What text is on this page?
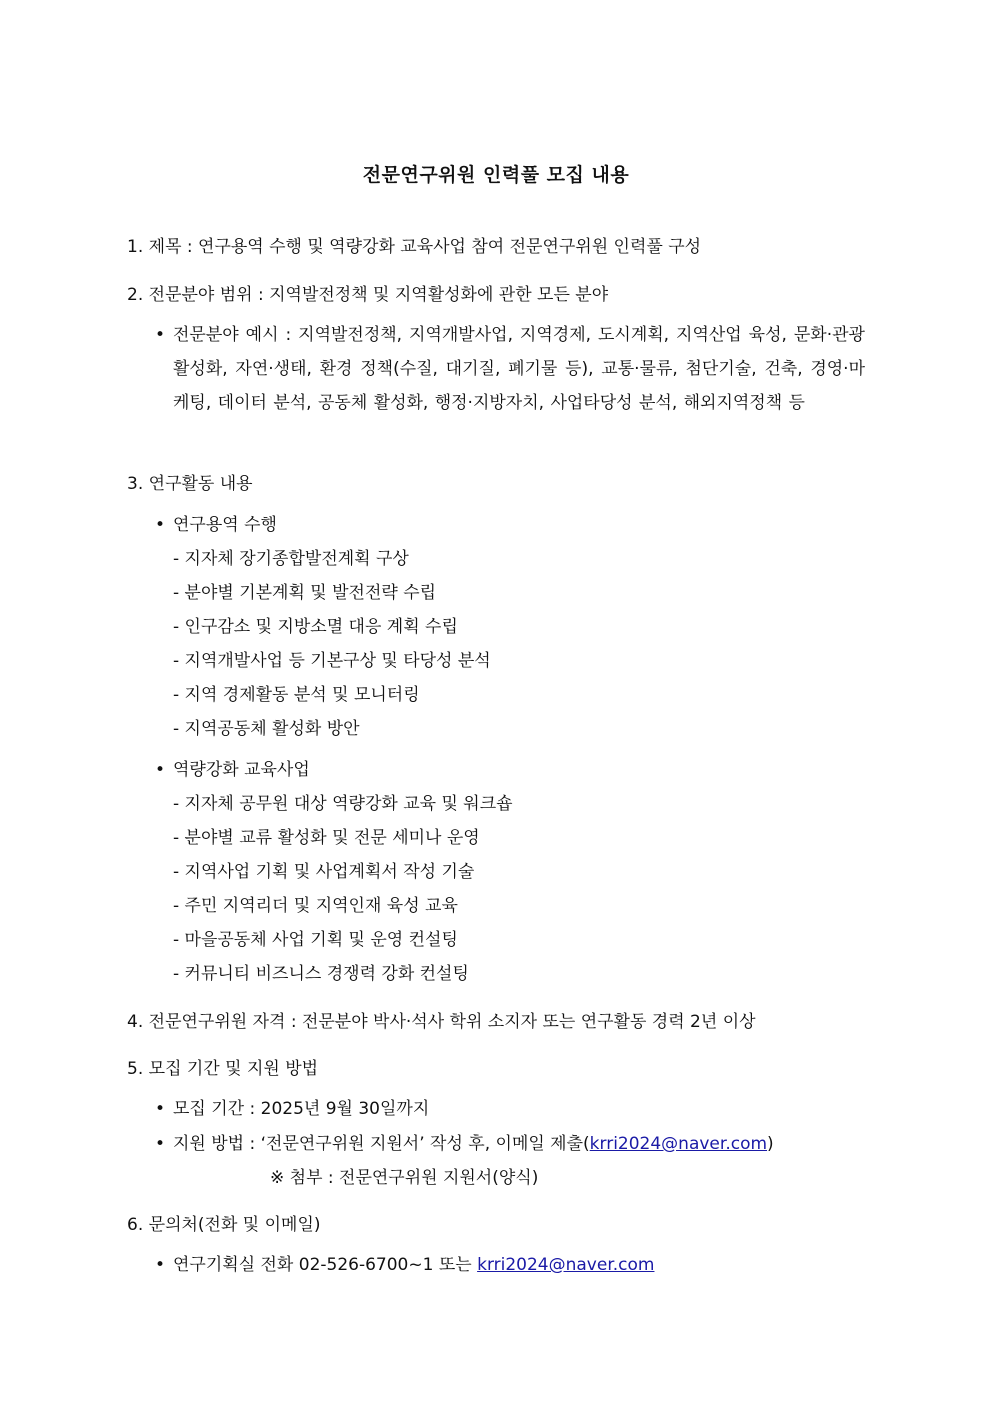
전문연구위원 인력풀 모집 내용
1. 제목 : 연구용역 수행 및 역량강화 교육사업 참여 전문연구위원 인력풀 구성
2. 전문분야 범위 : 지역발전정책 및 지역활성화에 관한 모든 분야
• 전문분야 예시 : 지역발전정책, 지역개발사업, 지역경제, 도시계획, 지역산업 육성, 문화·관광 활성화, 자연·생태, 환경 정책(수질, 대기질, 폐기물 등), 교통·물류, 첨단기술, 건축, 경영·마케팅, 데이터 분석, 공동체 활성화, 행정·지방자치, 사업타당성 분석, 해외지역정책 등
3. 연구활동 내용
• 연구용역 수행
- 지자체 장기종합발전계획 구상
- 분야별 기본계획 및 발전전략 수립
- 인구감소 및 지방소멸 대응 계획 수립
- 지역개발사업 등 기본구상 및 타당성 분석
- 지역 경제활동 분석 및 모니터링
- 지역공동체 활성화 방안
• 역량강화 교육사업
- 지자체 공무원 대상 역량강화 교육 및 워크숍
- 분야별 교류 활성화 및 전문 세미나 운영
- 지역사업 기획 및 사업계획서 작성 기술
- 주민 지역리더 및 지역인재 육성 교육
- 마을공동체 사업 기획 및 운영 컨설팅
- 커뮤니티 비즈니스 경쟁력 강화 컨설팅
4. 전문연구위원 자격 : 전문분야 박사·석사 학위 소지자 또는 연구활동 경력 2년 이상
5. 모집 기간 및 지원 방법
• 모집 기간 : 2025년 9월 30일까지
• 지원 방법 : ‘전문연구위원 지원서’ 작성 후, 이메일 제출(krri2024@naver.com)
※ 첨부 : 전문연구위원 지원서(양식)
6. 문의처(전화 및 이메일)
• 연구기획실 전화 02-526-6700~1 또는 krri2024@naver.com
